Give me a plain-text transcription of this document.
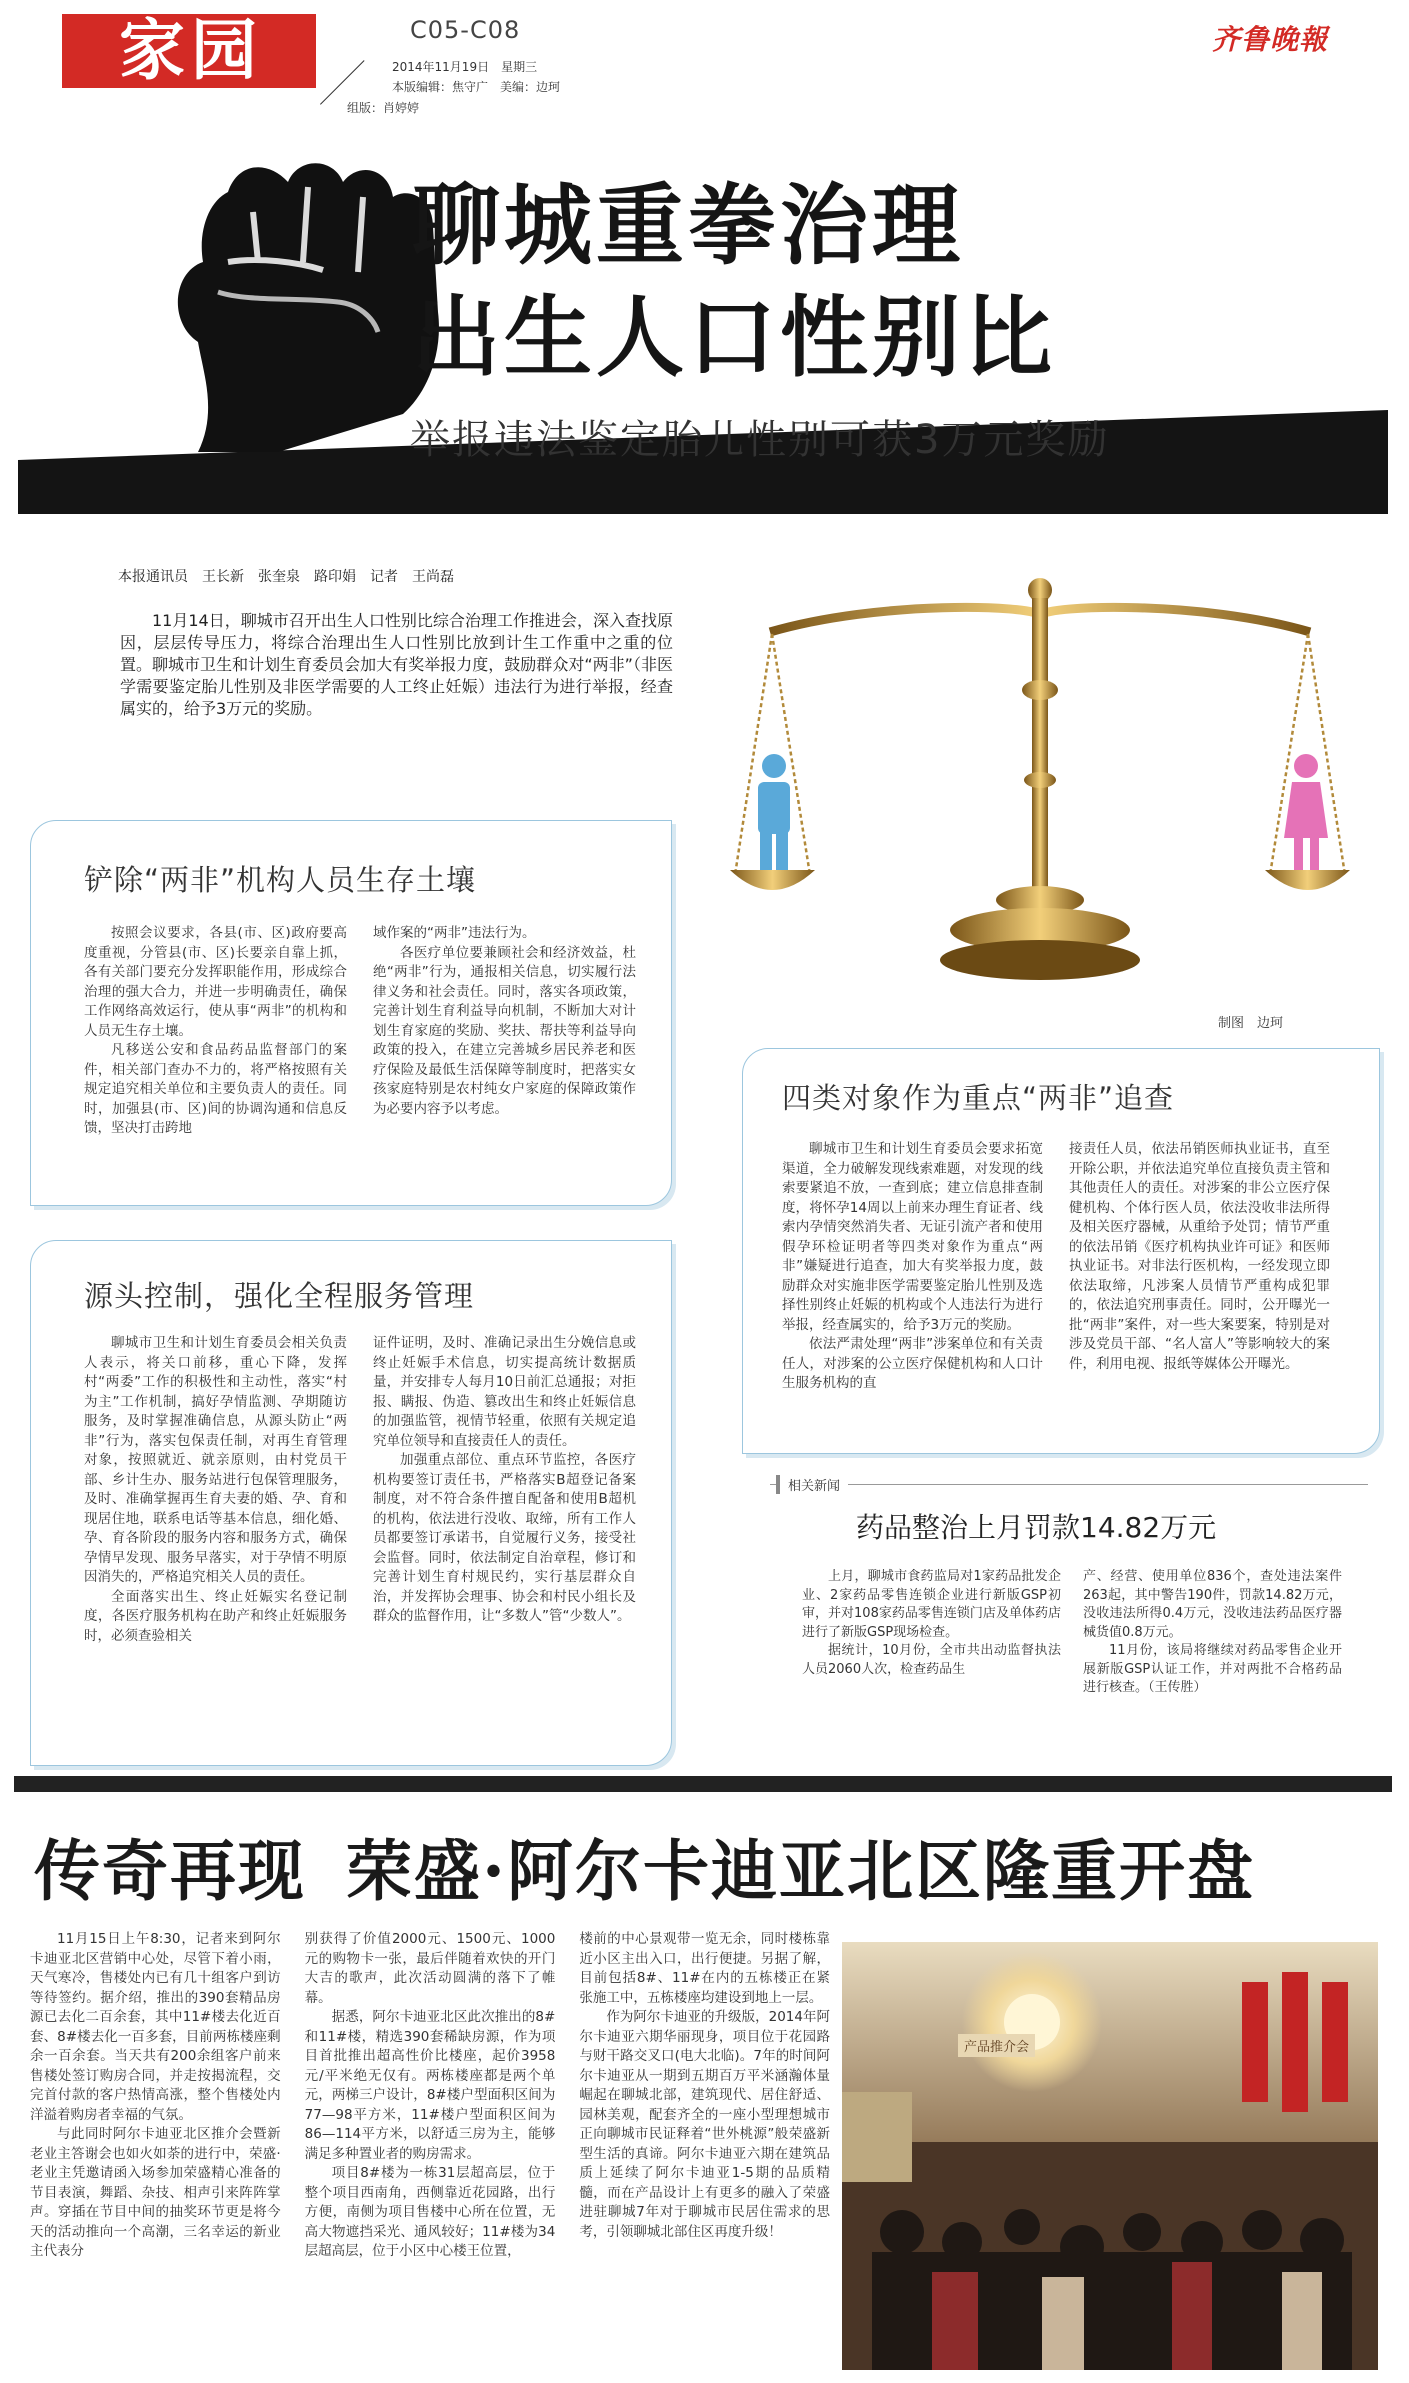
家园	C05-C08
2014年11月19日　星期三
本版编辑：焦守广　美编：边珂
组版：肖婷婷
齐鲁晚報
聊城重拳治理
出生人口性别比
举报违法鉴定胎儿性别可获3万元奖励
本报通讯员　王长新　张奎泉　路印娟　记者　王尚磊
11月14日，聊城市召开出生人口性别比综合治理工作推进会，深入查找原因，层层传导压力，将综合治理出生人口性别比放到计生工作重中之重的位置。聊城市卫生和计划生育委员会加大有奖举报力度，鼓励群众对“两非”（非医学需要鉴定胎儿性别及非医学需要的人工终止妊娠）违法行为进行举报，经查属实的，给予3万元的奖励。
制图　边珂
铲除“两非”机构人员生存土壤

按照会议要求，各县(市、区)政府要高度重视，分管县(市、区)长要亲自靠上抓，各有关部门要充分发挥职能作用，形成综合治理的强大合力，并进一步明确责任，确保工作网络高效运行，使从事“两非”的机构和人员无生存土壤。

凡移送公安和食品药品监督部门的案件，相关部门查办不力的，将严格按照有关规定追究相关单位和主要负责人的责任。同时，加强县(市、区)间的协调沟通和信息反馈，坚决打击跨地

域作案的“两非”违法行为。

各医疗单位要兼顾社会和经济效益，杜绝“两非”行为，通报相关信息，切实履行法律义务和社会责任。同时，落实各项政策，完善计划生育利益导向机制，不断加大对计划生育家庭的奖励、奖扶、帮扶等利益导向政策的投入，在建立完善城乡居民养老和医疗保险及最低生活保障等制度时，把落实女孩家庭特别是农村纯女户家庭的保障政策作为必要内容予以考虑。

源头控制，强化全程服务管理

聊城市卫生和计划生育委员会相关负责人表示，将关口前移，重心下降，发挥村“两委”工作的积极性和主动性，落实“村为主”工作机制，搞好孕情监测、孕期随访服务，及时掌握准确信息，从源头防止“两非”行为，落实包保责任制，对再生育管理对象，按照就近、就亲原则，由村党员干部、乡计生办、服务站进行包保管理服务，及时、准确掌握再生育夫妻的婚、孕、育和现居住地，联系电话等基本信息，细化婚、孕、育各阶段的服务内容和服务方式，确保孕情早发现、服务早落实，对于孕情不明原因消失的，严格追究相关人员的责任。

全面落实出生、终止妊娠实名登记制度，各医疗服务机构在助产和终止妊娠服务时，必须查验相关

证件证明，及时、准确记录出生分娩信息或终止妊娠手术信息，切实提高统计数据质量，并安排专人每月10日前汇总通报；对拒报、瞒报、伪造、篡改出生和终止妊娠信息的加强监管，视情节轻重，依照有关规定追究单位领导和直接责任人的责任。

加强重点部位、重点环节监控，各医疗机构要签订责任书，严格落实B超登记备案制度，对不符合条件擅自配备和使用B超机的机构，依法进行没收、取缔，所有工作人员都要签订承诺书，自觉履行义务，接受社会监督。同时，依法制定自治章程，修订和完善计划生育村规民约，实行基层群众自治，并发挥协会理事、协会和村民小组长及群众的监督作用，让“多数人”管“少数人”。

四类对象作为重点“两非”追查

聊城市卫生和计划生育委员会要求拓宽渠道，全力破解发现线索难题，对发现的线索要紧追不放，一查到底；建立信息排查制度，将怀孕14周以上前来办理生育证者、线索内孕情突然消失者、无证引流产者和使用假孕环检证明者等四类对象作为重点“两非”嫌疑进行追查，加大有奖举报力度，鼓励群众对实施非医学需要鉴定胎儿性别及选择性别终止妊娠的机构或个人违法行为进行举报，经查属实的，给予3万元的奖励。

依法严肃处理“两非”涉案单位和有关责任人，对涉案的公立医疗保健机构和人口计生服务机构的直

接责任人员，依法吊销医师执业证书，直至开除公职，并依法追究单位直接负责主管和其他责任人的责任。对涉案的非公立医疗保健机构、个体行医人员，依法没收非法所得及相关医疗器械，从重给予处罚；情节严重的依法吊销《医疗机构执业许可证》和医师执业证书。对非法行医机构，一经发现立即依法取缔，凡涉案人员情节严重构成犯罪的，依法追究刑事责任。同时，公开曝光一批“两非”案件，对一些大案要案，特别是对涉及党员干部、“名人富人”等影响较大的案件，利用电视、报纸等媒体公开曝光。

相关新闻
药品整治上月罚款14.82万元

上月，聊城市食药监局对1家药品批发企业、2家药品零售连锁企业进行新版GSP初审，并对108家药品零售连锁门店及单体药店进行了新版GSP现场检查。

据统计，10月份，全市共出动监督执法人员2060人次，检查药品生

产、经营、使用单位836个，查处违法案件263起，其中警告190件，罚款14.82万元，没收违法所得0.4万元，没收违法药品医疗器械货值0.8万元。

11月份，该局将继续对药品零售企业开展新版GSP认证工作，并对两批不合格药品进行核查。（王传胜）

传奇再现 荣盛·阿尔卡迪亚北区隆重开盘

11月15日上午8:30，记者来到阿尔卡迪亚北区营销中心处，尽管下着小雨，天气寒冷，售楼处内已有几十组客户到访等待签约。据介绍，推出的390套精品房源已去化二百余套，其中11#楼去化近百套、8#楼去化一百多套，目前两栋楼座剩余一百余套。当天共有200余组客户前来售楼处签订购房合同，并走按揭流程，交完首付款的客户热情高涨，整个售楼处内洋溢着购房者幸福的气氛。

与此同时阿尔卡迪亚北区推介会暨新老业主答谢会也如火如荼的进行中，荣盛·老业主凭邀请函入场参加荣盛精心准备的节目表演，舞蹈、杂技、相声引来阵阵掌声。穿插在节目中间的抽奖环节更是将今天的活动推向一个高潮，三名幸运的新业主代表分

别获得了价值2000元、1500元、1000元的购物卡一张，最后伴随着欢快的开门大吉的歌声，此次活动圆满的落下了帷幕。

据悉，阿尔卡迪亚北区此次推出的8#和11#楼，精选390套稀缺房源，作为项目首批推出超高性价比楼座，起价3958元/平米绝无仅有。两栋楼座都是两个单元，两梯三户设计，8#楼户型面积区间为77—98平方米，11#楼户型面积区间为86—114平方米，以舒适三房为主，能够满足多种置业者的购房需求。

项目8#楼为一栋31层超高层，位于整个项目西南角，西侧靠近花园路，出行方便，南侧为项目售楼中心所在位置，无高大物遮挡采光、通风较好；11#楼为34层超高层，位于小区中心楼王位置，

楼前的中心景观带一览无余，同时楼栋靠近小区主出入口，出行便捷。另据了解，目前包括8#、11#在内的五栋楼正在紧张施工中，五栋楼座均建设到地上一层。

作为阿尔卡迪亚的升级版，2014年阿尔卡迪亚六期华丽现身，项目位于花园路与财干路交叉口(电大北临)。7年的时间阿尔卡迪亚从一期到五期百万平米涵瀚体量崛起在聊城北部，建筑现代、居住舒适、园林美观，配套齐全的一座小型理想城市正向聊城市民证释着“世外桃源”般荣盛新型生活的真谛。阿尔卡迪亚六期在建筑品质上延续了阿尔卡迪亚1-5期的品质精髓，而在产品设计上有更多的融入了荣盛进驻聊城7年对于聊城市民居住需求的思考，引领聊城北部住区再度升级！

产品推介会
